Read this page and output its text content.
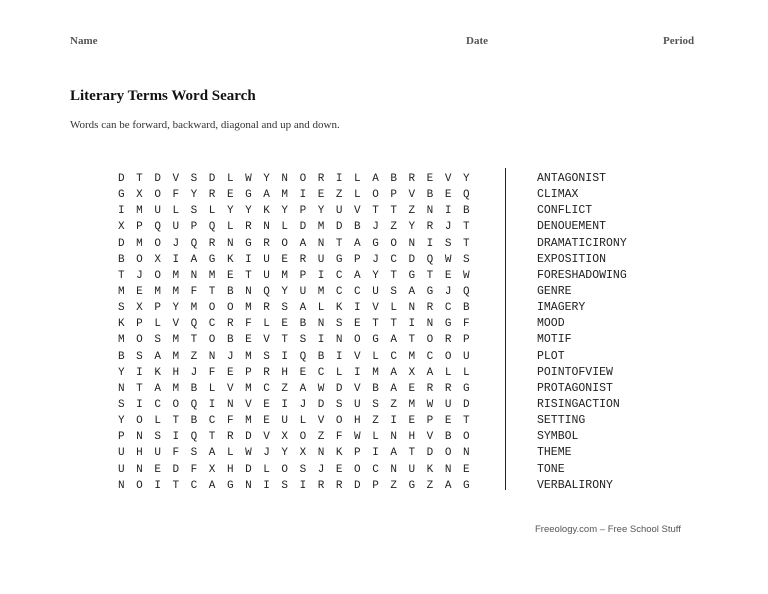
Name	Date	Period
Literary Terms Word Search
Words can be forward, backward, diagonal and up and down.
D T D V S D L W Y N O R I L A B R E V Y
G X O F Y R E G A M I E Z L O P V B E Q
I M U L S L Y Y K Y P Y U V T T Z N I B
X P Q U P Q L R N L D M D B J Z Y R J T
D M O J Q R N G R O A N T A G O N I S T
B O X I A G K I U E R U G P J C D Q W S
T J O M N M E T U M P I C A Y T G T E W
M E M M F T B N Q Y U M C C U S A G J Q
S X P Y M O O M R S A L K I V L N R C B
K P L V Q C R F L E B N S E T T I N G F
M O S M T O B E V T S I N O G A T O R P
B S A M Z N J M S I Q B I V L C M C O U
Y I K H J F E P R H E C L I M A X A L L
N T A M B L V M C Z A W D V B A E R R G
S I C O Q I N V E I J D S U S Z M W U D
Y O L T B C F M E U L V O H Z I E P E T
P N S I Q T R D V X O Z F W L N H V B O
U H U F S A L W J Y X N K P I A T D O N
U N E D F X H D L O S J E O C N U K N E
N O I T C A G N I S I R R D P Z G Z A G
ANTAGONIST
CLIMAX
CONFLICT
DENOUEMENT
DRAMATICIRONY
EXPOSITION
FORESHADOWING
GENRE
IMAGERY
MOOD
MOTIF
PLOT
POINTOFVIEW
PROTAGONIST
RISINGACTION
SETTING
SYMBOL
THEME
TONE
VERBALIRONY
Freeology.com – Free School Stuff
